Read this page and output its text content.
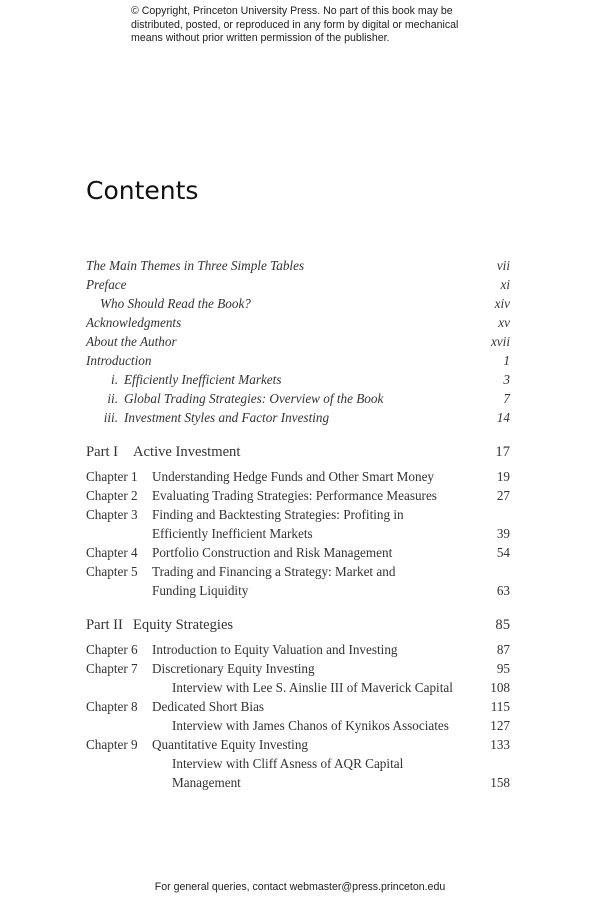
© Copyright, Princeton University Press. No part of this book may be
distributed, posted, or reproduced in any form by digital or mechanical
means without prior written permission of the publisher.
Contents
The Main Themes in Three Simple Tables	vii
Preface	xi
Who Should Read the Book?	xiv
Acknowledgments	xv
About the Author	xvii
Introduction	1
i. Efficiently Inefficient Markets	3
ii. Global Trading Strategies: Overview of the Book	7
iii. Investment Styles and Factor Investing	14
Part I Active Investment	17
Chapter 1 Understanding Hedge Funds and Other Smart Money	19
Chapter 2 Evaluating Trading Strategies: Performance Measures	27
Chapter 3 Finding and Backtesting Strategies: Profiting in
Efficiently Inefficient Markets	39
Chapter 4 Portfolio Construction and Risk Management	54
Chapter 5 Trading and Financing a Strategy: Market and
Funding Liquidity	63
Part II Equity Strategies	85
Chapter 6 Introduction to Equity Valuation and Investing	87
Chapter 7 Discretionary Equity Investing	95
Interview with Lee S. Ainslie III of Maverick Capital	108
Chapter 8 Dedicated Short Bias	115
Interview with James Chanos of Kynikos Associates	127
Chapter 9 Quantitative Equity Investing	133
Interview with Cliff Asness of AQR Capital
Management	158
For general queries, contact webmaster@press.princeton.edu
